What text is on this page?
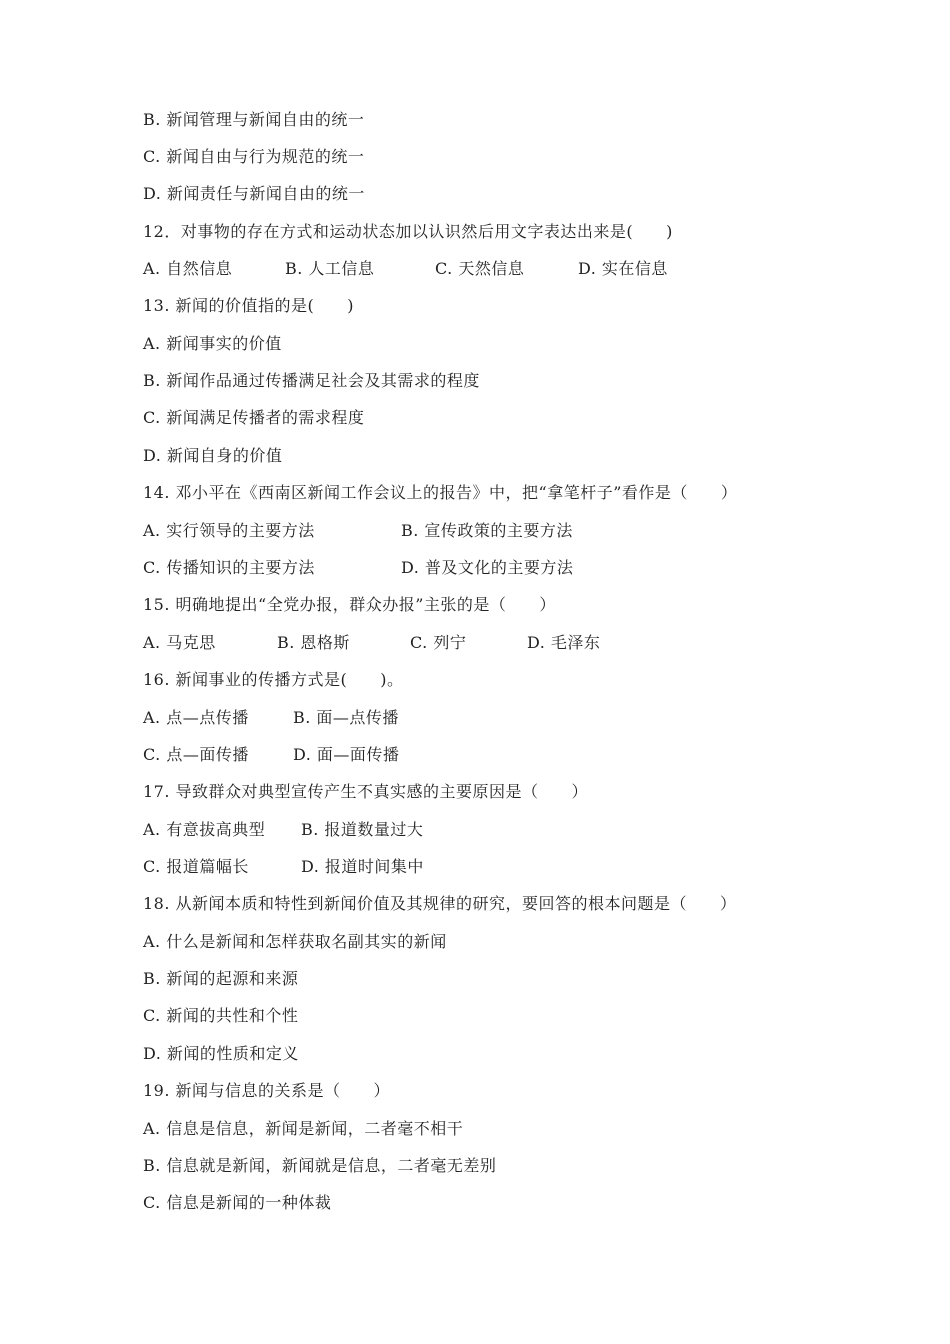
B. 新闻管理与新闻自由的统一
C. 新闻自由与行为规范的统一
D. 新闻责任与新闻自由的统一
12．对事物的存在方式和运动状态加以认识然后用文字表达出来是(　　)
A. 自然信息	B. 人工信息	C. 天然信息	D. 实在信息
13. 新闻的价值指的是(　　)
A. 新闻事实的价值
B. 新闻作品通过传播满足社会及其需求的程度
C. 新闻满足传播者的需求程度
D. 新闻自身的价值
14. 邓小平在《西南区新闻工作会议上的报告》中，把“拿笔杆子”看作是（　　）
A. 实行领导的主要方法	B. 宣传政策的主要方法
C. 传播知识的主要方法	D. 普及文化的主要方法
15. 明确地提出“全党办报，群众办报”主张的是（　　）
A. 马克思	B. 恩格斯	C. 列宁	D. 毛泽东
16. 新闻事业的传播方式是(　　)。
A. 点—点传播	B. 面—点传播
C. 点—面传播	D. 面—面传播
17. 导致群众对典型宣传产生不真实感的主要原因是（　　）
A. 有意拔高典型 B. 报道数量过大
C. 报道篇幅长	D. 报道时间集中
18. 从新闻本质和特性到新闻价值及其规律的研究，要回答的根本问题是（　　）
A. 什么是新闻和怎样获取名副其实的新闻
B. 新闻的起源和来源
C. 新闻的共性和个性
D. 新闻的性质和定义
19. 新闻与信息的关系是（　　）
A. 信息是信息，新闻是新闻，二者毫不相干
B. 信息就是新闻，新闻就是信息，二者毫无差别
C. 信息是新闻的一种体裁
